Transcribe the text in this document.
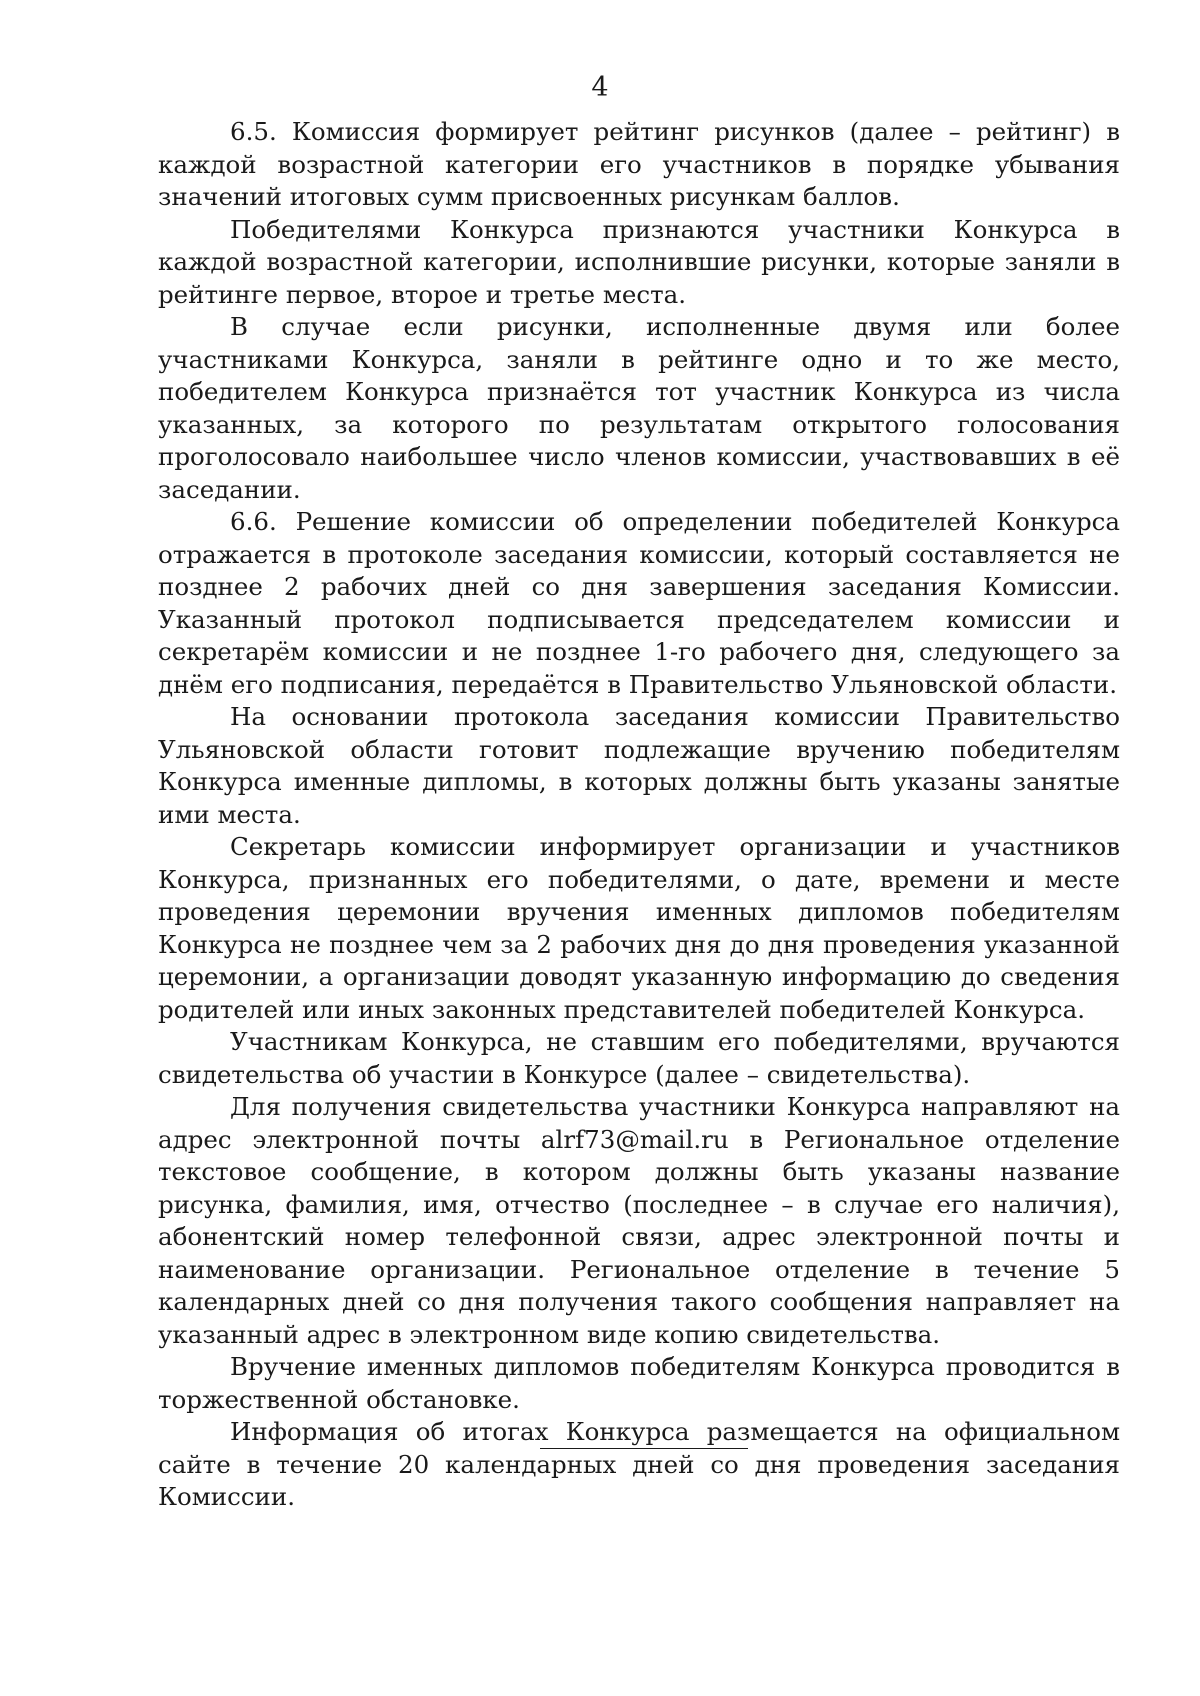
4

6.5. Комиссия формирует рейтинг рисунков (далее – рейтинг) в каждой возрастной категории его участников в порядке убывания значений итоговых сумм присвоенных рисункам баллов.

Победителями Конкурса признаются участники Конкурса в каждой возрастной категории, исполнившие рисунки, которые заняли в рейтинге первое, второе и третье места.

В случае если рисунки, исполненные двумя или более участниками Конкурса, заняли в рейтинге одно и то же место, победителем Конкурса признаётся тот участник Конкурса из числа указанных, за которого по результатам открытого голосования проголосовало наибольшее число членов комиссии, участвовавших в её заседании.

6.6. Решение комиссии об определении победителей Конкурса отражается в протоколе заседания комиссии, который составляется не позднее 2 рабочих дней со дня завершения заседания Комиссии. Указанный протокол подписывается председателем комиссии и секретарём комиссии и не позднее 1-го рабочего дня, следующего за днём его подписания, передаётся в Правительство Ульяновской области.

На основании протокола заседания комиссии Правительство Ульяновской области готовит подлежащие вручению победителям Конкурса именные дипломы, в которых должны быть указаны занятые ими места.

Секретарь комиссии информирует организации и участников Конкурса, признанных его победителями, о дате, времени и месте проведения церемонии вручения именных дипломов победителям Конкурса не позднее чем за 2 рабочих дня до дня проведения указанной церемонии, а организации доводят указанную информацию до сведения родителей или иных законных представителей победителей Конкурса.

Участникам Конкурса, не ставшим его победителями, вручаются свидетельства об участии в Конкурсе (далее – свидетельства).

Для получения свидетельства участники Конкурса направляют на адрес электронной почты alrf73@mail.ru в Региональное отделение текстовое сообщение, в котором должны быть указаны название рисунка, фамилия, имя, отчество (последнее – в случае его наличия), абонентский номер телефонной связи, адрес электронной почты и наименование организации. Региональное отделение в течение 5 календарных дней со дня получения такого сообщения направляет на указанный адрес в электронном виде копию свидетельства.

Вручение именных дипломов победителям Конкурса проводится в торжественной обстановке.

Информация об итогах Конкурса размещается на официальном сайте в течение 20 календарных дней со дня проведения заседания Комиссии.
